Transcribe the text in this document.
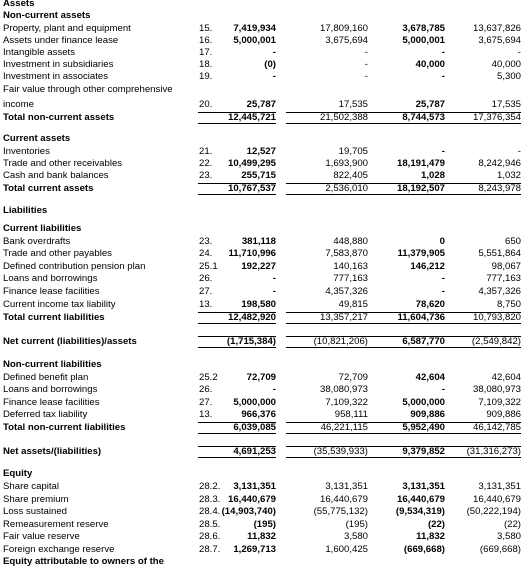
Assets
Non-current assets
Property, plant and equipment	15.	7,419,934	17,809,160	3,678,785	13,637,826
Assets under finance lease	16.	5,000,001	3,675,694	5,000,001	3,675,694
Intangible assets	17.	-	-	-	-
Investment in subsidiaries	18.	(0)	-	40,000	40,000
Investment in associates	19.	-	-	-	5,300
Fair value through other comprehensive
income	20.	25,787	17,535	25,787	17,535
Total non-current assets	12,445,721	21,502,388	8,744,573	17,376,354
Current assets
Inventories	21.	12,527	19,705	-	-
Trade and other receivables	22.	10,499,295	1,693,900	18,191,479	8,242,946
Cash and bank balances	23.	255,715	822,405	1,028	1,032
Total current assets	10,767,537	2,536,010	18,192,507	8,243,978
Liabilities
Current liabilities
Bank overdrafts	23.	381,118	448,880	0	650
Trade and other payables	24.	11,710,996	7,583,870	11,379,905	5,551,864
Defined contribution pension plan	25.1	192,227	140,163	146,212	98,067
Loans and borrowings	26.	-	777,163	-	777,163
Finance lease facilities	27.	-	4,357,326	-	4,357,326
Current income tax liability	13.	198,580	49,815	78,620	8,750
Total current liabilities	12,482,920	13,357,217	11,604,736	10,793,820
Net current (liabilities)/assets	(1,715,384)	(10,821,206)	6,587,770	(2,549,842)
Non-current liabilities
Defined benefit plan	25.2	72,709	72,709	42,604	42,604
Loans and borrowings	26.	-	38,080,973	-	38,080,973
Finance lease facilities	27.	5,000,000	7,109,322	5,000,000	7,109,322
Deferred tax liability	13.	966,376	958,111	909,886	909,886
Total non-current liabilities	6,039,085	46,221,115	5,952,490	46,142,785
Net assets/(liabilities)	4,691,253	(35,539,933)	9,379,852	(31,316,273)
Equity
Share capital	28.2.	3,131,351	3,131,351	3,131,351	3,131,351
Share premium	28.3. 16,440,679	16,440,679	16,440,679	16,440,679
Loss sustained	28.4. (14,903,740)	(55,775,132)	(9,534,319)	(50,222,194)
Remeasurement reserve	28.5.	(195)	(195)	(22)	(22)
Fair value reserve	28.6.	11,832	3,580	11,832	3,580
Foreign exchange reserve	28.7.	1,269,713	1,600,425	(669,668)	(669,668)
Equity attributable to owners of the
